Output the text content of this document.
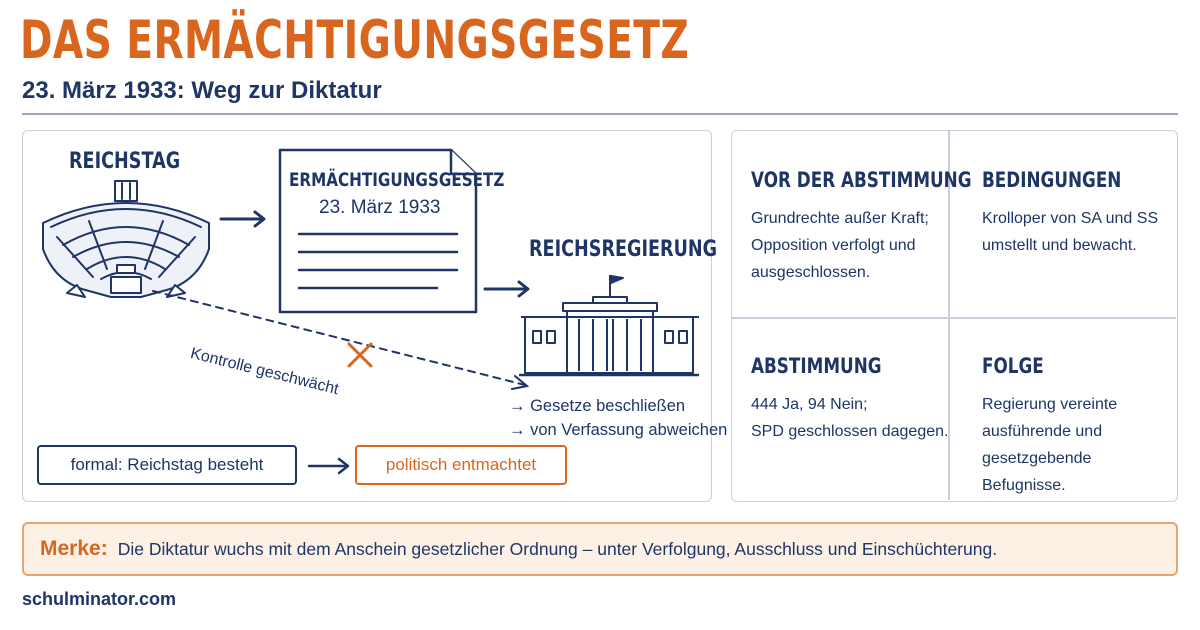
DAS ERMÄCHTIGUNGSGESETZ
23. März 1933: Weg zur Diktatur
REICHSTAG
ERMÄCHTIGUNGSGESETZ
23. März 1933
REICHSREGIERUNG
Kontrolle geschwächt
→ Gesetze beschließen
→ von Verfassung abweichen
formal: Reichstag besteht	politisch entmachtet
VOR DER ABSTIMMUNG
Grundrechte außer Kraft;
Opposition verfolgt und
ausgeschlossen.
BEDINGUNGEN
Krolloper von SA und SS
umstellt und bewacht.
ABSTIMMUNG
444 Ja, 94 Nein;
SPD geschlossen dagegen.
FOLGE
Regierung vereinte
ausführende und
gesetzgebende Befugnisse.
Merke: Die Diktatur wuchs mit dem Anschein gesetzlicher Ordnung – unter Verfolgung, Ausschluss und Einschüchterung.
schulminator.com
